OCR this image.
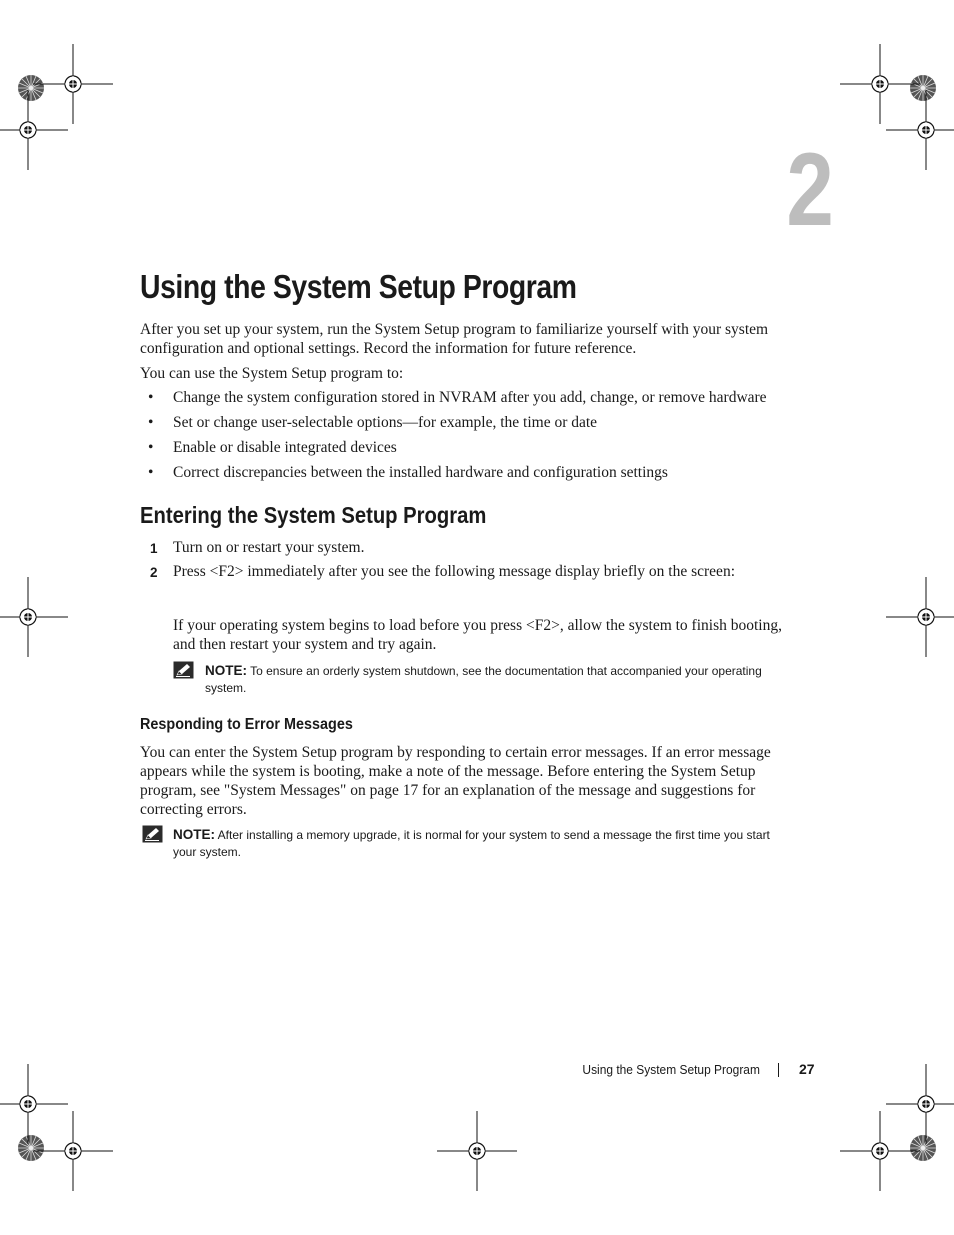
2
Using the System Setup Program

After you set up your system, run the System Setup program to familiarize yourself with your system configuration and optional settings. Record the information for future reference.

You can use the System Setup program to:

• Change the system configuration stored in NVRAM after you add, change, or remove hardware
• Set or change user-selectable options—for example, the time or date
• Enable or disable integrated devices
• Correct discrepancies between the installed hardware and configuration settings
Entering the System Setup Program
1 Turn on or restart your system.
2 Press <F2> immediately after you see the following message display briefly on the screen:

If your operating system begins to load before you press <F2>, allow the system to finish booting, and then restart your system and try again.

NOTE: To ensure an orderly system shutdown, see the documentation that accompanied your operating system.
Responding to Error Messages

You can enter the System Setup program by responding to certain error messages. If an error message appears while the system is booting, make a note of the message. Before entering the System Setup program, see "System Messages" on page 17 for an explanation of the message and suggestions for correcting errors.

NOTE: After installing a memory upgrade, it is normal for your system to send a message the first time you start your system.
Using the System Setup Program	27
